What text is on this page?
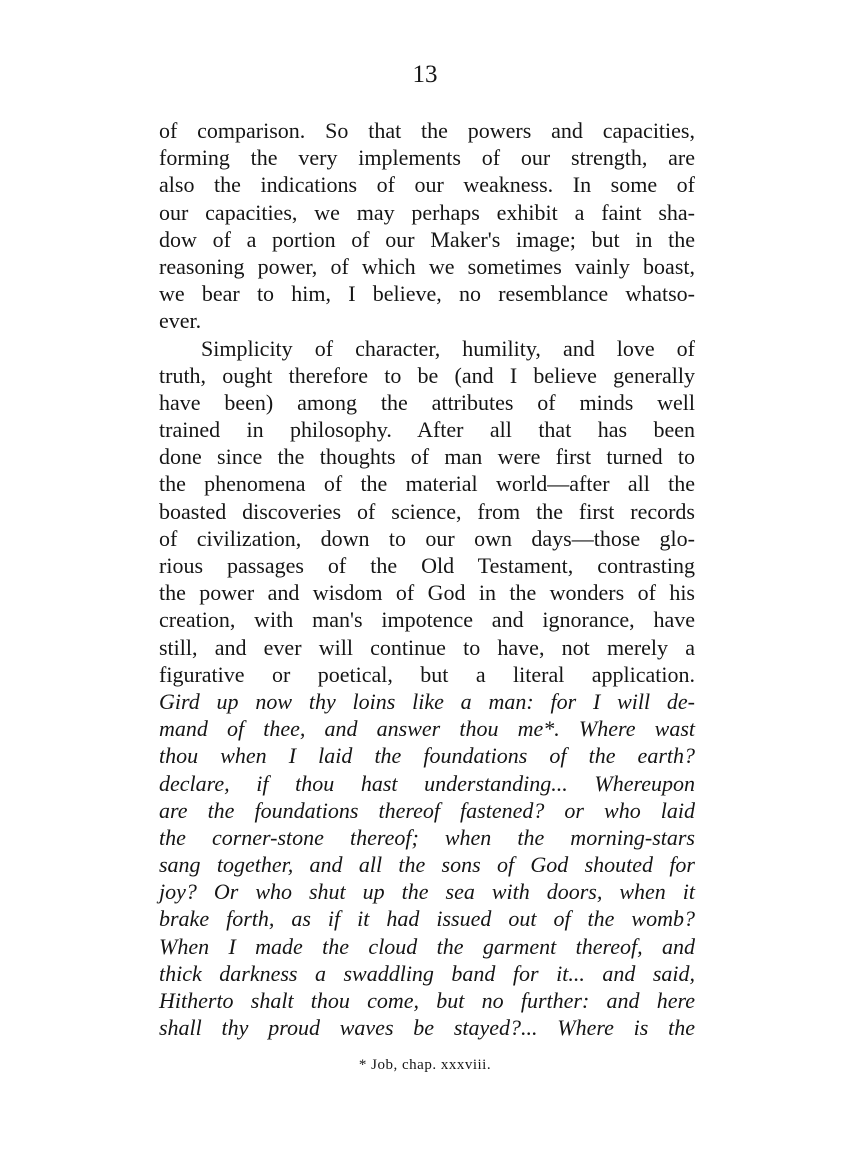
13
of comparison. So that the powers and capacities,
forming the very implements of our strength, are
also the indications of our weakness. In some of
our capacities, we may perhaps exhibit a faint sha-
dow of a portion of our Maker's image; but in the
reasoning power, of which we sometimes vainly boast,
we bear to him, I believe, no resemblance whatso-
ever.
Simplicity of character, humility, and love of
truth, ought therefore to be (and I believe generally
have been) among the attributes of minds well
trained in philosophy. After all that has been
done since the thoughts of man were first turned to
the phenomena of the material world—after all the
boasted discoveries of science, from the first records
of civilization, down to our own days—those glo-
rious passages of the Old Testament, contrasting
the power and wisdom of God in the wonders of his
creation, with man's impotence and ignorance, have
still, and ever will continue to have, not merely a
figurative or poetical, but a literal application.
Gird up now thy loins like a man: for I will de-
mand of thee, and answer thou me*. Where wast
thou when I laid the foundations of the earth?
declare, if thou hast understanding... Whereupon
are the foundations thereof fastened? or who laid
the corner-stone thereof; when the morning-stars
sang together, and all the sons of God shouted for
joy? Or who shut up the sea with doors, when it
brake forth, as if it had issued out of the womb?
When I made the cloud the garment thereof, and
thick darkness a swaddling band for it... and said,
Hitherto shalt thou come, but no further: and here
shall thy proud waves be stayed?... Where is the
* Job, chap. xxxviii.
